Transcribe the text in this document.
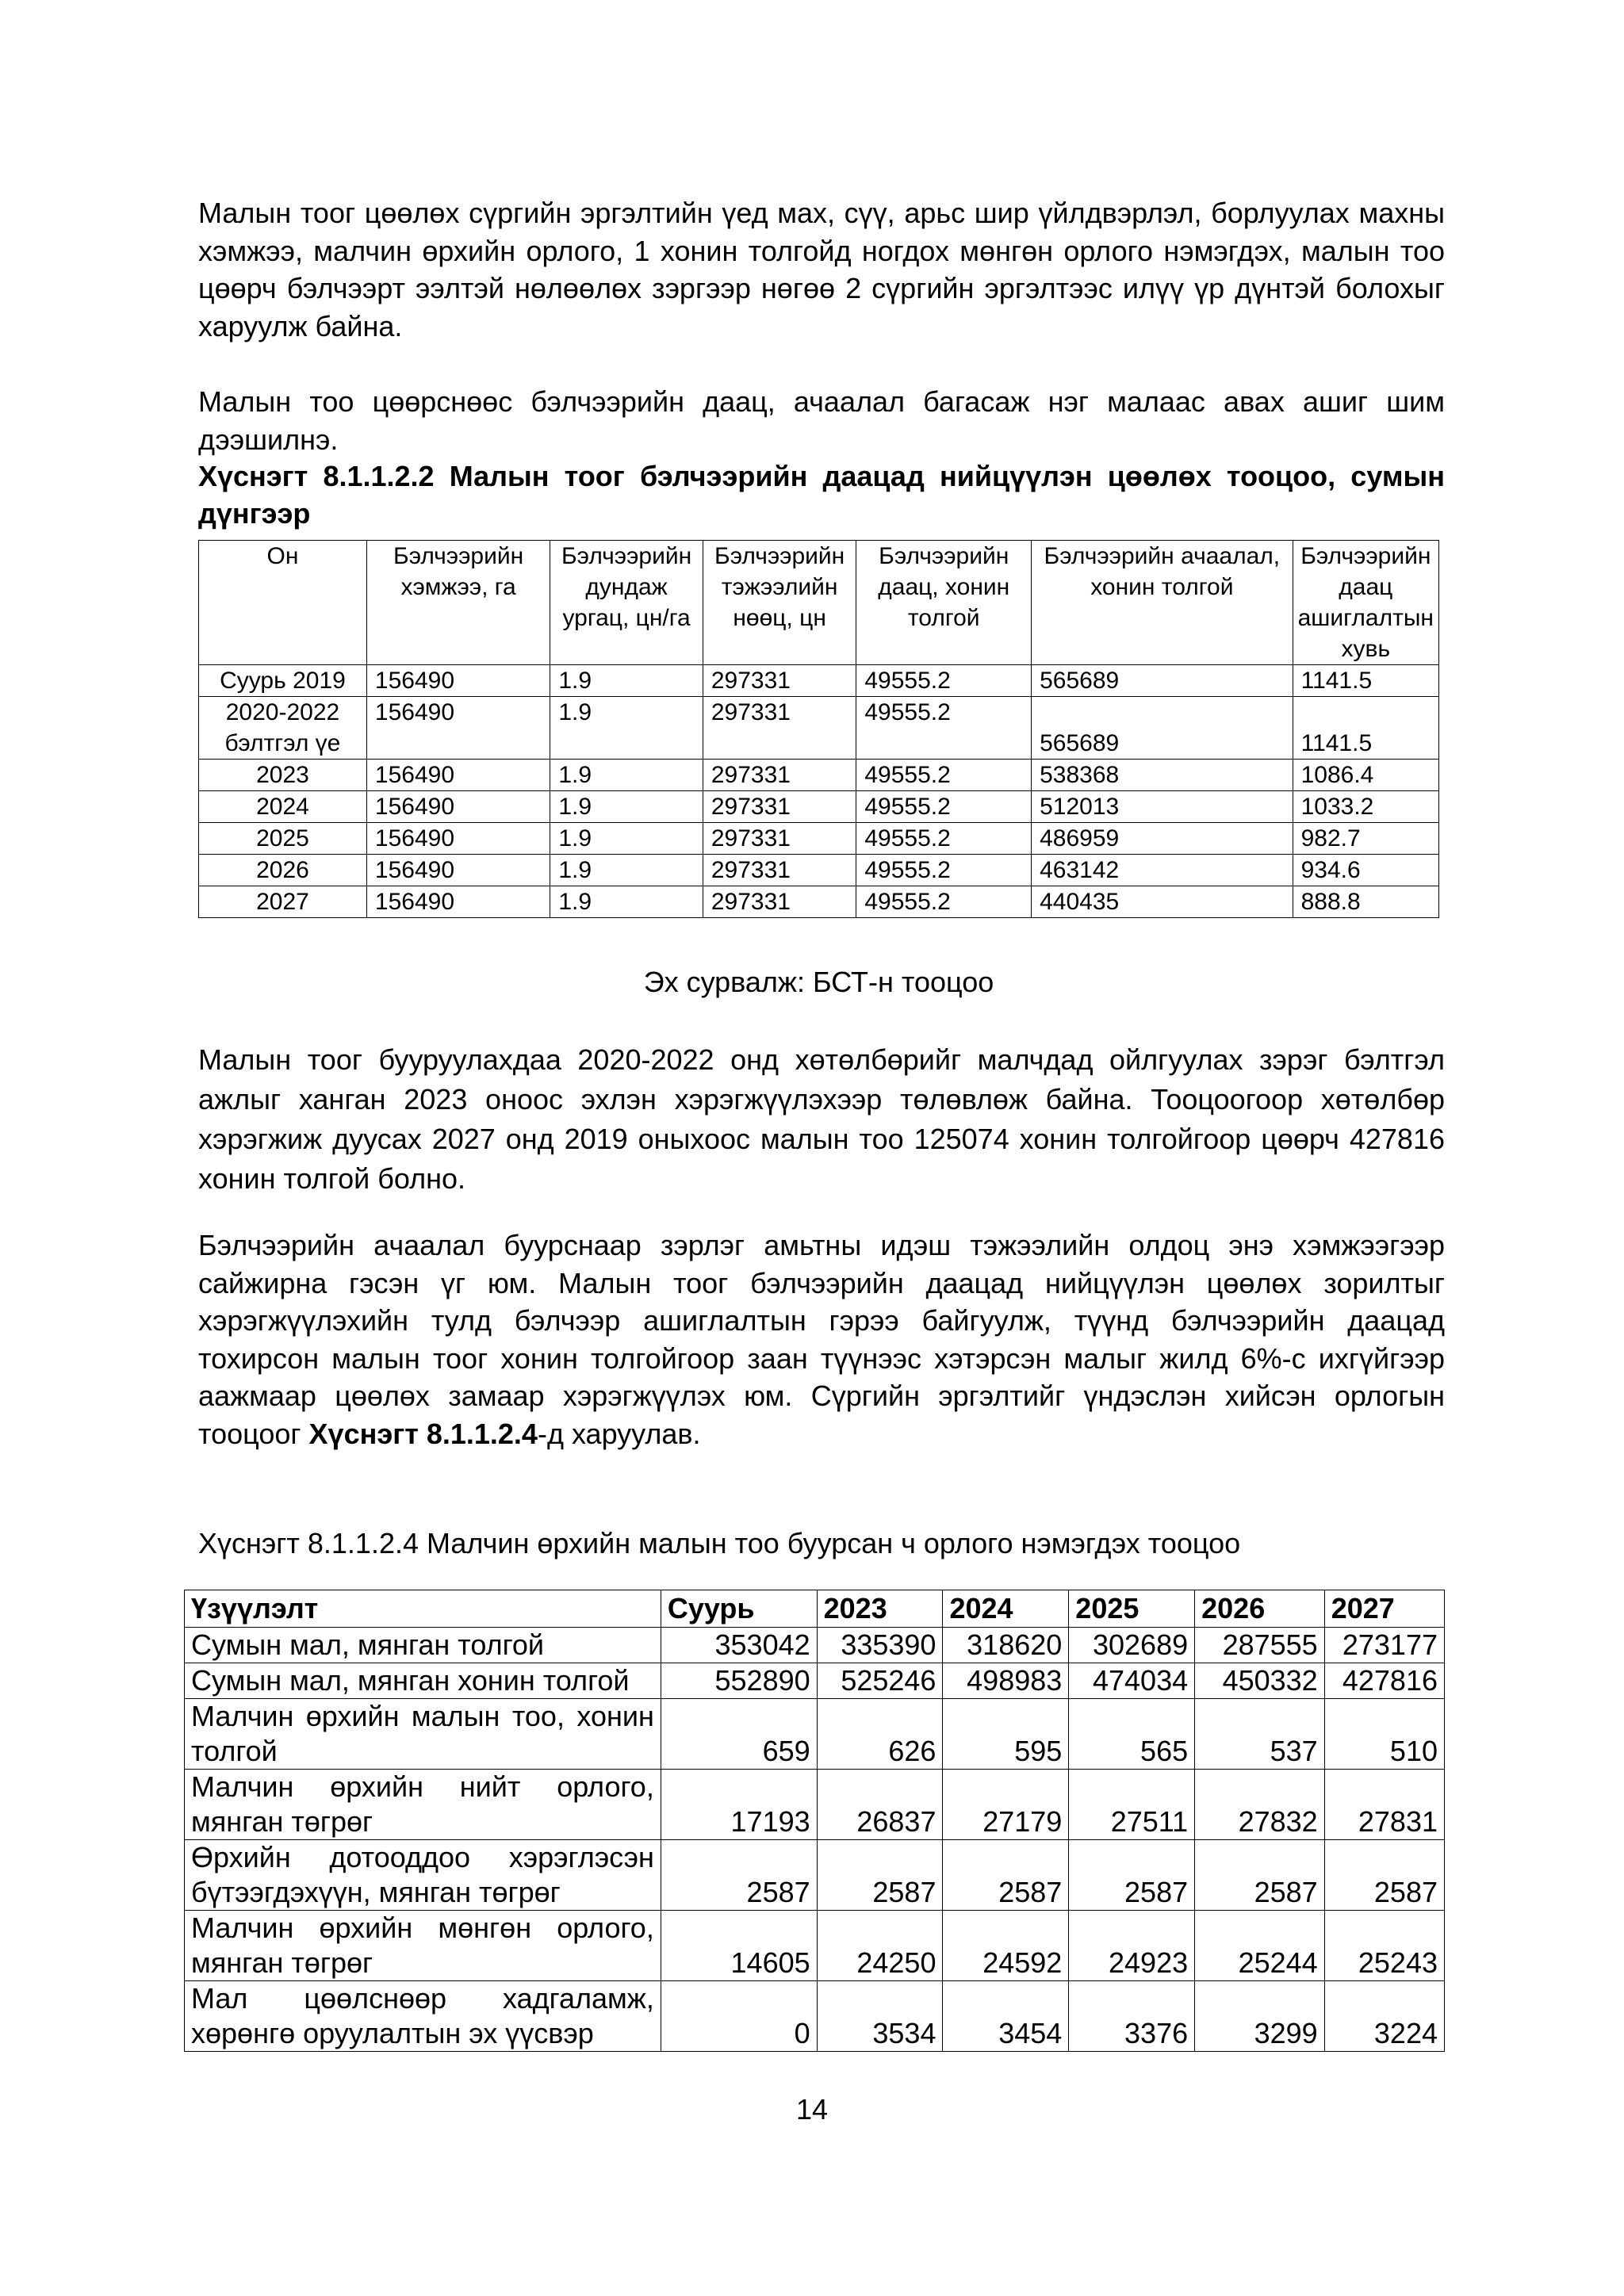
Малын тоог цөөлөх сүргийн эргэлтийн үед мах, сүү, арьс шир үйлдвэрлэл, борлуулах махны хэмжээ, малчин өрхийн орлого, 1 хонин толгойд ногдох мөнгөн орлого нэмэгдэх, малын тоо цөөрч бэлчээрт ээлтэй нөлөөлөх зэргээр нөгөө 2 сүргийн эргэлтээс илүү үр дүнтэй болохыг харуулж байна.

Малын тоо цөөрснөөс бэлчээрийн даац, ачаалал багасаж нэг малаас авах ашиг шим дээшилнэ.

Хүснэгт 8.1.1.2.2 Малын тоог бэлчээрийн даацад нийцүүлэн цөөлөх тооцоо, сумын дүнгээр

Он	Бэлчээрийн хэмжээ, га	Бэлчээрийн дундаж ургац, цн/га	Бэлчээрийн тэжээлийн нөөц, цн	Бэлчээрийн даац, хонин толгой	Бэлчээрийн ачаалал, хонин толгой	Бэлчээрийн даац ашиглалтын хувь
Суурь 2019	156490	1.9	297331	49555.2	565689	1141.5
2020-2022 бэлтгэл үе	156490	1.9	297331	49555.2	565689	1141.5
2023	156490	1.9	297331	49555.2	538368	1086.4
2024	156490	1.9	297331	49555.2	512013	1033.2
2025	156490	1.9	297331	49555.2	486959	982.7
2026	156490	1.9	297331	49555.2	463142	934.6
2027	156490	1.9	297331	49555.2	440435	888.8

Эх сурвалж: БСТ-н тооцоо

Малын тоог бууруулахдаа 2020-2022 онд хөтөлбөрийг малчдад ойлгуулах зэрэг бэлтгэл ажлыг ханган 2023 оноос эхлэн хэрэгжүүлэхээр төлөвлөж байна. Тооцоогоор хөтөлбөр хэрэгжиж дуусах 2027 онд 2019 оныхоос малын тоо 125074 хонин толгойгоор цөөрч 427816 хонин толгой болно.

Бэлчээрийн ачаалал буурснаар зэрлэг амьтны идэш тэжээлийн олдоц энэ хэмжээгээр сайжирна гэсэн үг юм. Малын тоог бэлчээрийн даацад нийцүүлэн цөөлөх зорилтыг хэрэгжүүлэхийн тулд бэлчээр ашиглалтын гэрээ байгуулж, түүнд бэлчээрийн даацад тохирсон малын тоог хонин толгойгоор заан түүнээс хэтэрсэн малыг жилд 6%-с ихгүйгээр аажмаар цөөлөх замаар хэрэгжүүлэх юм. Сүргийн эргэлтийг үндэслэн хийсэн орлогын тооцоог Хүснэгт 8.1.1.2.4-д харуулав.

Хүснэгт 8.1.1.2.4 Малчин өрхийн малын тоо буурсан ч орлого нэмэгдэх тооцоо

Үзүүлэлт	Суурь	2023	2024	2025	2026	2027
Сумын мал, мянган толгой	353042	335390	318620	302689	287555	273177
Сумын мал, мянган хонин толгой	552890	525246	498983	474034	450332	427816
Малчин өрхийн малын тоо, хонин толгой	659	626	595	565	537	510
Малчин өрхийн нийт орлого, мянган төгрөг	17193	26837	27179	27511	27832	27831
Өрхийн дотооддоо хэрэглэсэн бүтээгдэхүүн, мянган төгрөг	2587	2587	2587	2587	2587	2587
Малчин өрхийн мөнгөн орлого, мянган төгрөг	14605	24250	24592	24923	25244	25243
Мал цөөлснөөр хадгаламж, хөрөнгө оруулалтын эх үүсвэр	0	3534	3454	3376	3299	3224

14
